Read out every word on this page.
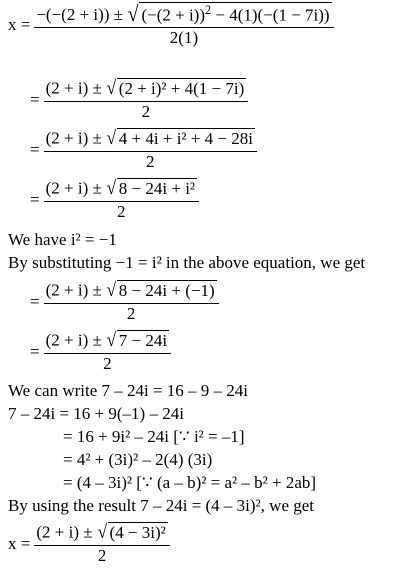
x =
−(−(2 + i)) ± √ $(-(2 + i))^2 - 4(1)(-(1 - 7i))$
2(1)
= $\frac{\text{(2 + i) ± √ (2 + i)² + 4(1 − 7i)}}{2}$
= $\frac{\text{(2 + i) ± √ 4 + 4i + i² + 4 − 28i}}{2}$
= $\frac{\text{(2 + i) ± √ 8 − 24i + i²}}{2}$
We have i² = −1
By substituting −1 = i² in the above equation, we get
= $\frac{(2 + i) \pm √ 8 - 24i + (-1)}{2}$
= $\frac{(2 + i) \pm √ 7 - 24i}{2}$
We can write 7 – 24i = 16 – 9 – 24i
7 – 24i = 16 + 9(–1) – 24i
= 16 + 9i² – 24i [∵ i² = –1]
= 4² + (3i)² – 2(4) (3i)
= (4 – 3i)² [∵ (a – b)² = a² – b² + 2ab]
By using the result 7 – 24i = (4 – 3i)², we get
$x = \frac{\text{(2 + i) ± √ (4 − 3i)²}}{2}$
